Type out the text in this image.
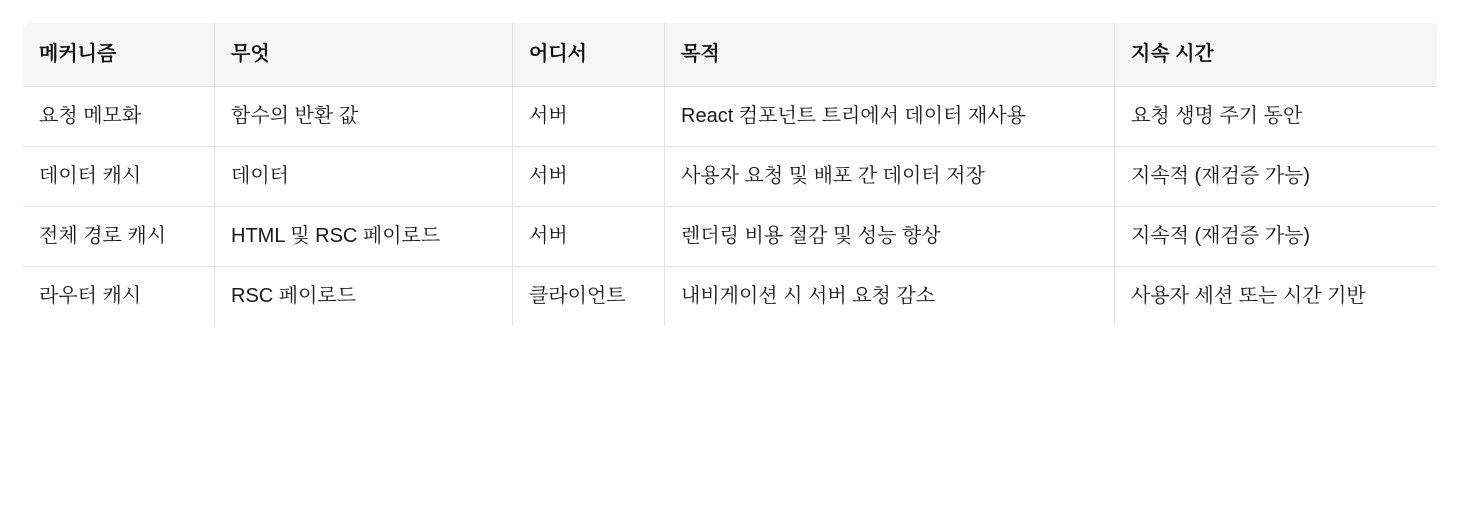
메커니즘	무엇	어디서	목적	지속 시간
요청 메모화	함수의 반환 값	서버	React 컴포넌트 트리에서 데이터 재사용	요청 생명 주기 동안
데이터 캐시	데이터	서버	사용자 요청 및 배포 간 데이터 저장	지속적 (재검증 가능)
전체 경로 캐시	HTML 및 RSC 페이로드	서버	렌더링 비용 절감 및 성능 향상	지속적 (재검증 가능)
라우터 캐시	RSC 페이로드	클라이언트	내비게이션 시 서버 요청 감소	사용자 세션 또는 시간 기반
